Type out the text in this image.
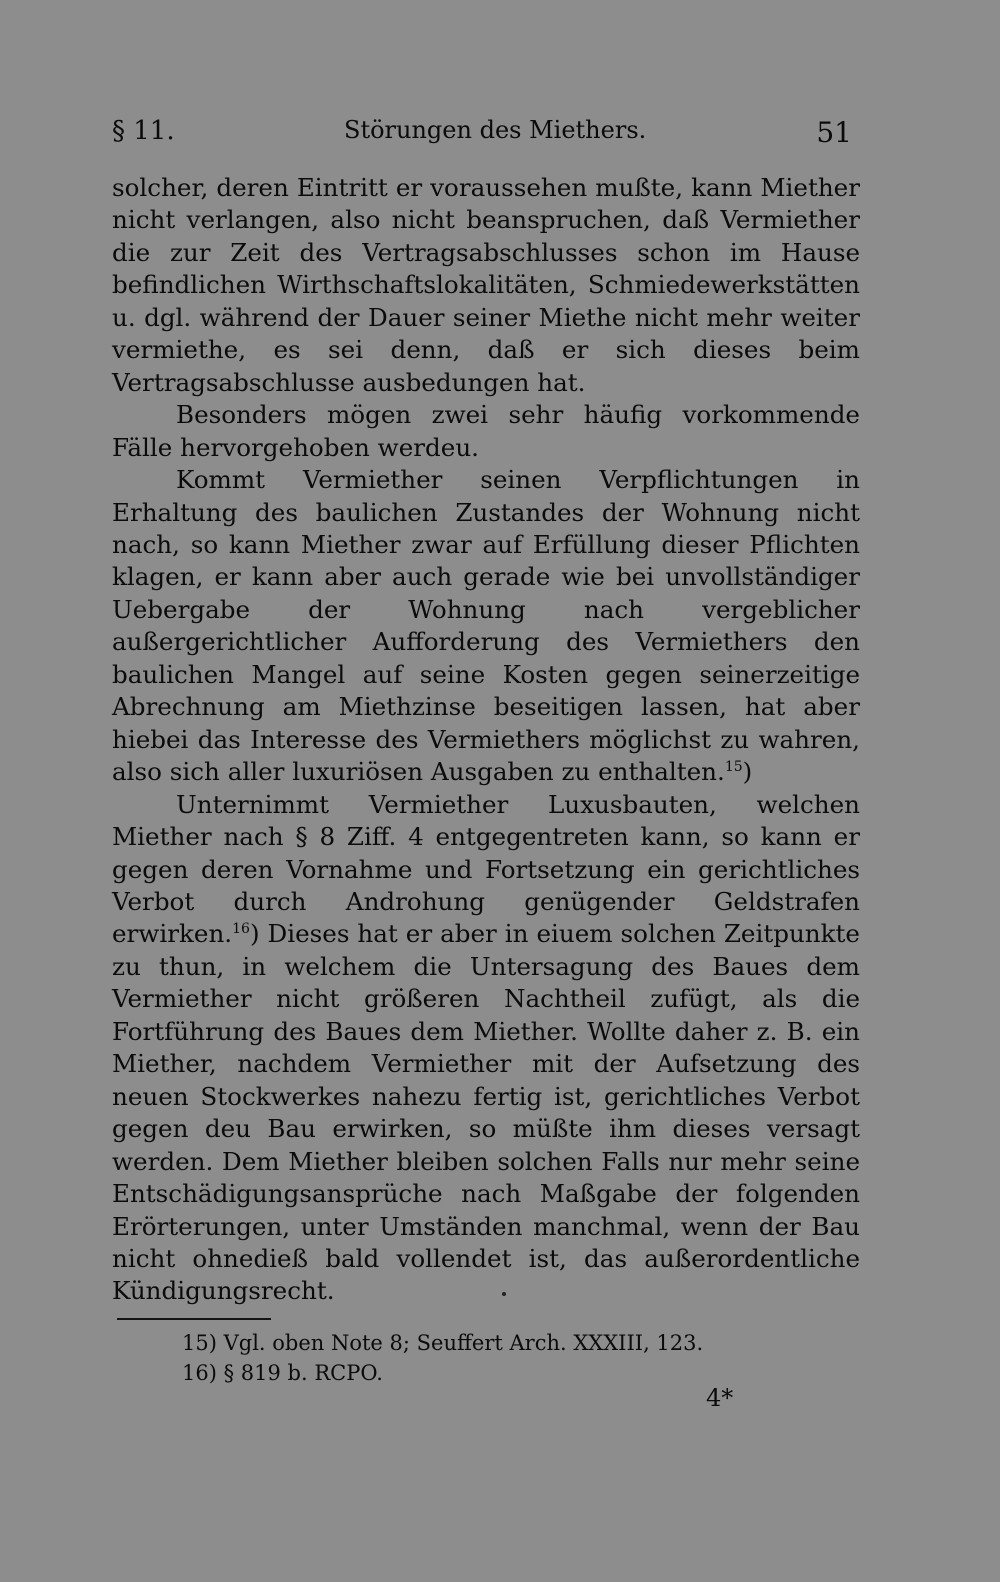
§ 11.	Störungen des Miethers.	51

solcher, deren Eintritt er voraussehen mußte, kann Miether nicht verlangen, also nicht beanspruchen, daß Vermiether die zur Zeit des Vertragsabschlusses schon im Hause befindlichen Wirthschaftslokalitäten, Schmiedewerkstätten u. dgl. während der Dauer seiner Miethe nicht mehr weiter vermiethe, es sei denn, daß er sich dieses beim Vertragsabschlusse ausbedungen hat.

Besonders mögen zwei sehr häufig vorkommende Fälle hervorgehoben werdeu.

Kommt Vermiether seinen Verpflichtungen in Erhaltung des baulichen Zustandes der Wohnung nicht nach, so kann Miether zwar auf Erfüllung dieser Pflichten klagen, er kann aber auch gerade wie bei unvollständiger Uebergabe der Wohnung nach vergeblicher außergerichtlicher Aufforderung des Vermiethers den baulichen Mangel auf seine Kosten gegen seinerzeitige Abrechnung am Miethzinse beseitigen lassen, hat aber hiebei das Interesse des Vermiethers möglichst zu wahren, also sich aller luxuriösen Ausgaben zu enthalten.$^{15}$)

Unternimmt Vermiether Luxusbauten, welchen Miether nach § 8 Ziff. 4 entgegentreten kann, so kann er gegen deren Vornahme und Fortsetzung ein gerichtliches Verbot durch Androhung genügender Geldstrafen erwirken.$^{16}$) Dieses hat er aber in eiuem solchen Zeitpunkte zu thun, in welchem die Untersagung des Baues dem Vermiether nicht größeren Nachtheil zufügt, als die Fortführung des Baues dem Miether. Wollte daher z. B. ein Miether, nachdem Vermiether mit der Aufsetzung des neuen Stockwerkes nahezu fertig ist, gerichtliches Verbot gegen deu Bau erwirken, so müßte ihm dieses versagt werden. Dem Miether bleiben solchen Falls nur mehr seine Entschädigungsansprüche nach Maßgabe der folgenden Erörterungen, unter Umständen manchmal, wenn der Bau nicht ohnedieß bald vollendet ist, das außerordentliche Kündigungsrecht.

15) Vgl. oben Note 8; Seuffert Arch. XXXIII, 123.
16) § 819 b. RCPO.
4*
